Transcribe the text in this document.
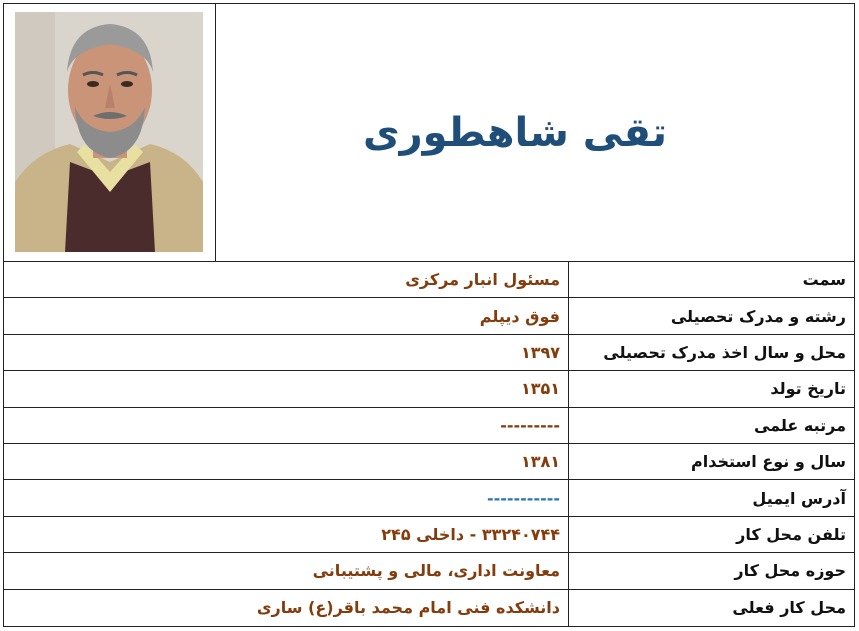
تقی شاهطوری
سمت
مسئول انبار مرکزی
رشته و مدرک تحصیلی
فوق دیپلم
محل و سال اخذ مدرک تحصیلی
۱۳۹۷
تاریخ تولد
۱۳۵۱
مرتبه علمی
---------
سال و نوع استخدام
۱۳۸۱
آدرس ایمیل
-----------
تلفن محل کار
۳۳۲۴۰۷۴۴ - داخلی ۲۴۵
حوزه محل کار
معاونت اداری، مالی و پشتیبانی
محل کار فعلی
دانشکده فنی امام محمد باقر(ع) ساری
